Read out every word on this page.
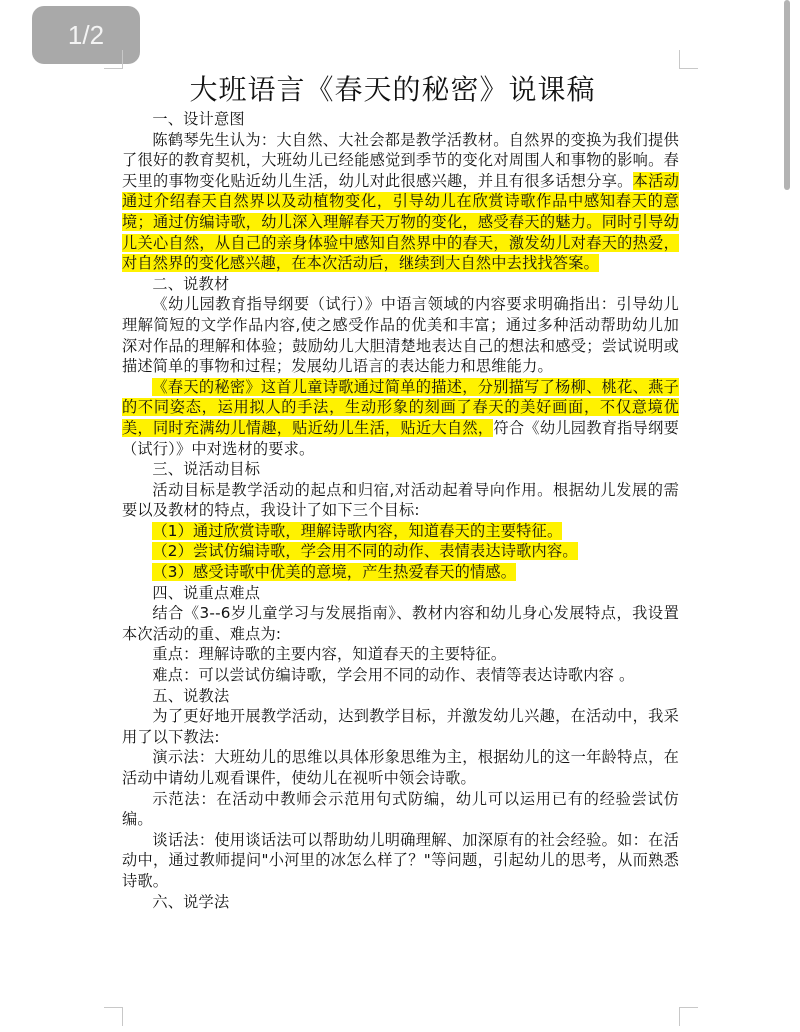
1/2
大班语言《春天的秘密》说课稿

一、设计意图

陈鹤琴先生认为：大自然、大社会都是教学活教材。自然界的变换为我们提供了很好的教育契机，大班幼儿已经能感觉到季节的变化对周围人和事物的影响。春天里的事物变化贴近幼儿生活，幼儿对此很感兴趣，并且有很多话想分享。本活动通过介绍春天自然界以及动植物变化，引导幼儿在欣赏诗歌作品中感知春天的意境；通过仿编诗歌，幼儿深入理解春天万物的变化，感受春天的魅力。同时引导幼儿关心自然，从自己的亲身体验中感知自然界中的春天，激发幼儿对春天的热爱，对自然界的变化感兴趣，在本次活动后，继续到大自然中去找找答案。

二、说教材

《幼儿园教育指导纲要（试行）》中语言领域的内容要求明确指出：引导幼儿理解简短的文学作品内容,使之感受作品的优美和丰富；通过多种活动帮助幼儿加深对作品的理解和体验；鼓励幼儿大胆清楚地表达自己的想法和感受；尝试说明或描述简单的事物和过程；发展幼儿语言的表达能力和思维能力。

《春天的秘密》这首儿童诗歌通过简单的描述，分别描写了杨柳、桃花、燕子的不同姿态，运用拟人的手法，生动形象的刻画了春天的美好画面，不仅意境优美，同时充满幼儿情趣，贴近幼儿生活，贴近大自然，符合《幼儿园教育指导纲要（试行）》中对选材的要求。

三、说活动目标

活动目标是教学活动的起点和归宿,对活动起着导向作用。根据幼儿发展的需要以及教材的特点，我设计了如下三个目标:

（1）通过欣赏诗歌，理解诗歌内容，知道春天的主要特征。

（2）尝试仿编诗歌，学会用不同的动作、表情表达诗歌内容。

（3）感受诗歌中优美的意境，产生热爱春天的情感。

四、说重点难点

结合《3--6岁儿童学习与发展指南》、教材内容和幼儿身心发展特点，我设置本次活动的重、难点为:

重点：理解诗歌的主要内容，知道春天的主要特征。

难点：可以尝试仿编诗歌，学会用不同的动作、表情等表达诗歌内容 。

五、说教法

为了更好地开展教学活动，达到教学目标，并激发幼儿兴趣，在活动中，我采用了以下教法:

演示法：大班幼儿的思维以具体形象思维为主，根据幼儿的这一年龄特点，在活动中请幼儿观看课件，使幼儿在视听中领会诗歌。

示范法：在活动中教师会示范用句式防编，幼儿可以运用已有的经验尝试仿编。

谈话法：使用谈话法可以帮助幼儿明确理解、加深原有的社会经验。如：在活动中，通过教师提问"小河里的冰怎么样了？"等问题，引起幼儿的思考，从而熟悉诗歌。

六、说学法
